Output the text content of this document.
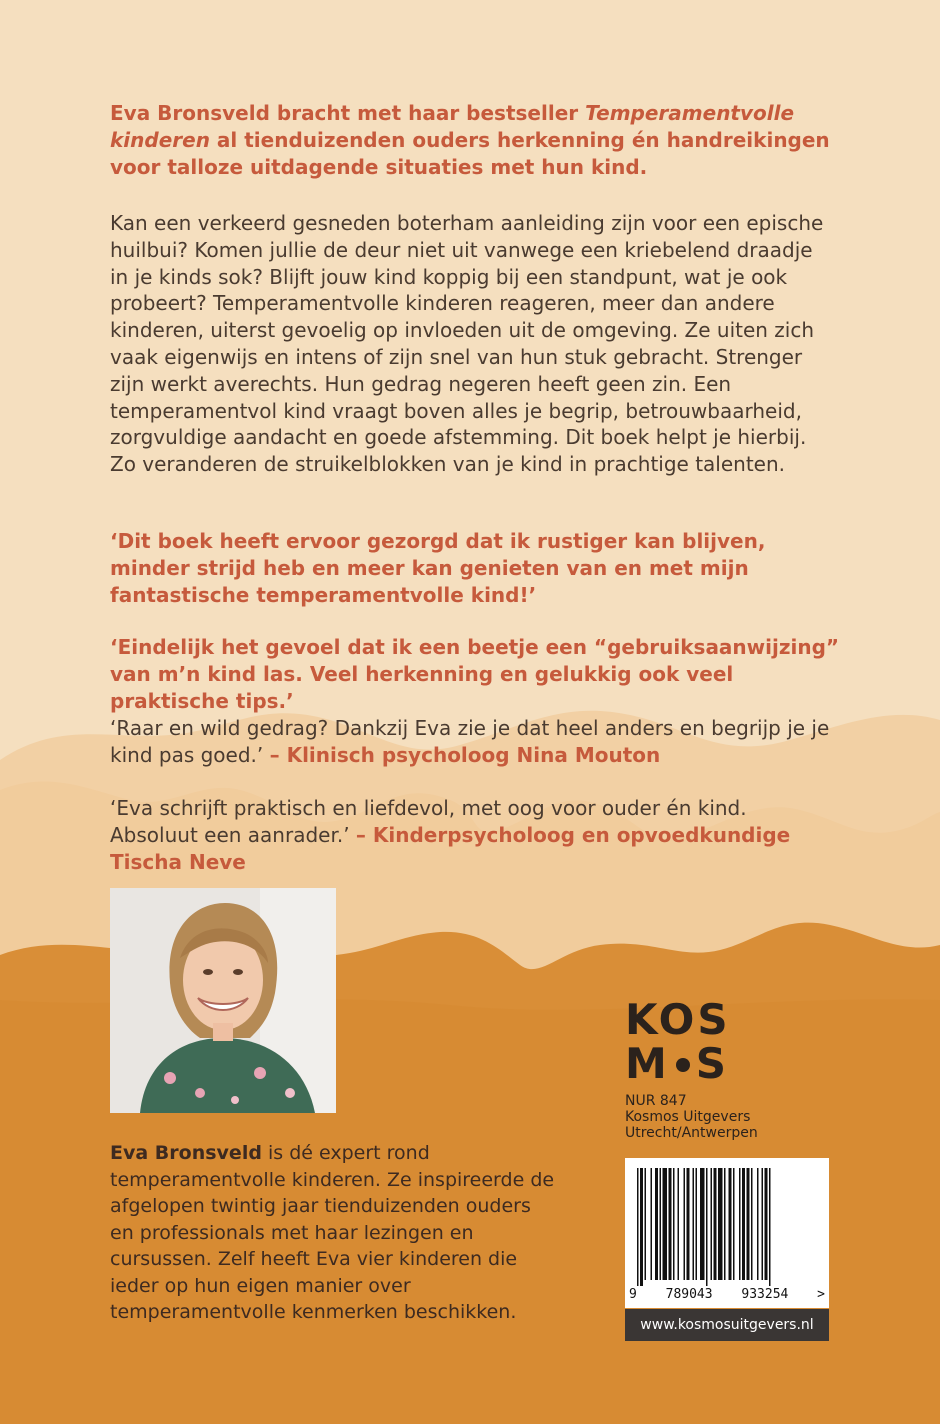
Eva Bronsveld bracht met haar bestseller Temperamentvolle kinderen al tienduizenden ouders herkenning én handreikingen voor talloze uitdagende situaties met hun kind.

Kan een verkeerd gesneden boterham aanleiding zijn voor een epische huilbui? Komen jullie de deur niet uit vanwege een kriebelend draadje in je kinds sok? Blijft jouw kind koppig bij een standpunt, wat je ook probeert? Temperamentvolle kinderen reageren, meer dan andere kinderen, uiterst gevoelig op invloeden uit de omgeving. Ze uiten zich vaak eigenwijs en intens of zijn snel van hun stuk gebracht. Strenger zijn werkt averechts. Hun gedrag negeren heeft geen zin. Een temperamentvol kind vraagt boven alles je begrip, betrouwbaarheid, zorgvuldige aandacht en goede afstemming. Dit boek helpt je hierbij. Zo veranderen de struikelblokken van je kind in prachtige talenten.

‘Dit boek heeft ervoor gezorgd dat ik rustiger kan blijven, minder strijd heb en meer kan genieten van en met mijn fantastische temperamentvolle kind!’

‘Eindelijk het gevoel dat ik een beetje een “gebruiksaanwijzing” van m’n kind las. Veel herkenning en gelukkig ook veel praktische tips.’

‘Raar en wild gedrag? Dankzij Eva zie je dat heel anders en begrijp je je kind pas goed.’ – Klinisch psycholoog Nina Mouton

‘Eva schrijft praktisch en liefdevol, met oog voor ouder én kind. Absoluut een aanrader.’ – Kinderpsycholoog en opvoedkundige Tischa Neve

Eva Bronsveld is dé expert rond temperamentvolle kinderen. Ze inspireerde de afgelopen twintig jaar tienduizenden ouders en professionals met haar lezingen en cursussen. Zelf heeft Eva vier kinderen die ieder op hun eigen manier over temperamentvolle kenmerken beschikken.

KOS
M S
NUR 847
Kosmos Uitgevers
Utrecht/Antwerpen
9 789043 933254 >
www.kosmosuitgevers.nl
